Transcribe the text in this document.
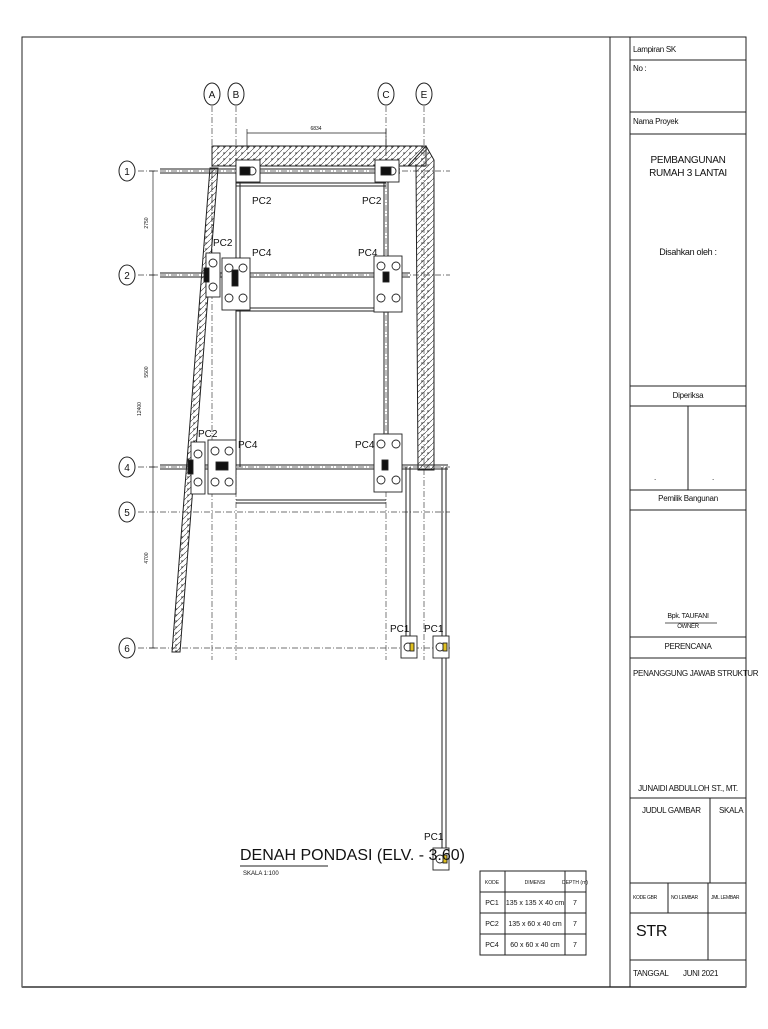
.	.
A B	C	E
1
2
4
5
6
6834
2750
5500
12400
4700
PC2	PC2
PC2
PC4	PC4
PC2
PC4	PC4
PC1 PC1
PC1
DENAH PONDASI (ELV. - 3.60)
SKALA 1:100
KODE	DIMENSI	DEPTH (m)
PC1 135 x 135 X 40 cm 7
PC2 135 x 60 x 40 cm 7
PC4 60 x 60 x 40 cm 7
Lampiran SK
No :
Nama Proyek
PEMBANGUNAN
RUMAH 3 LANTAI
Disahkan oleh :
Diperiksa
Pemilik Bangunan
Bpk. TAUFANI
OWNER
PERENCANA
PENANGGUNG JAWAB STRUKTUR
JUNAIDI ABDULLOH ST., MT.
JUDUL GAMBAR SKALA
KODE GBR	NO LEMBAR	JML LEMBAR
STR
TANGGAL JUNI 2021
